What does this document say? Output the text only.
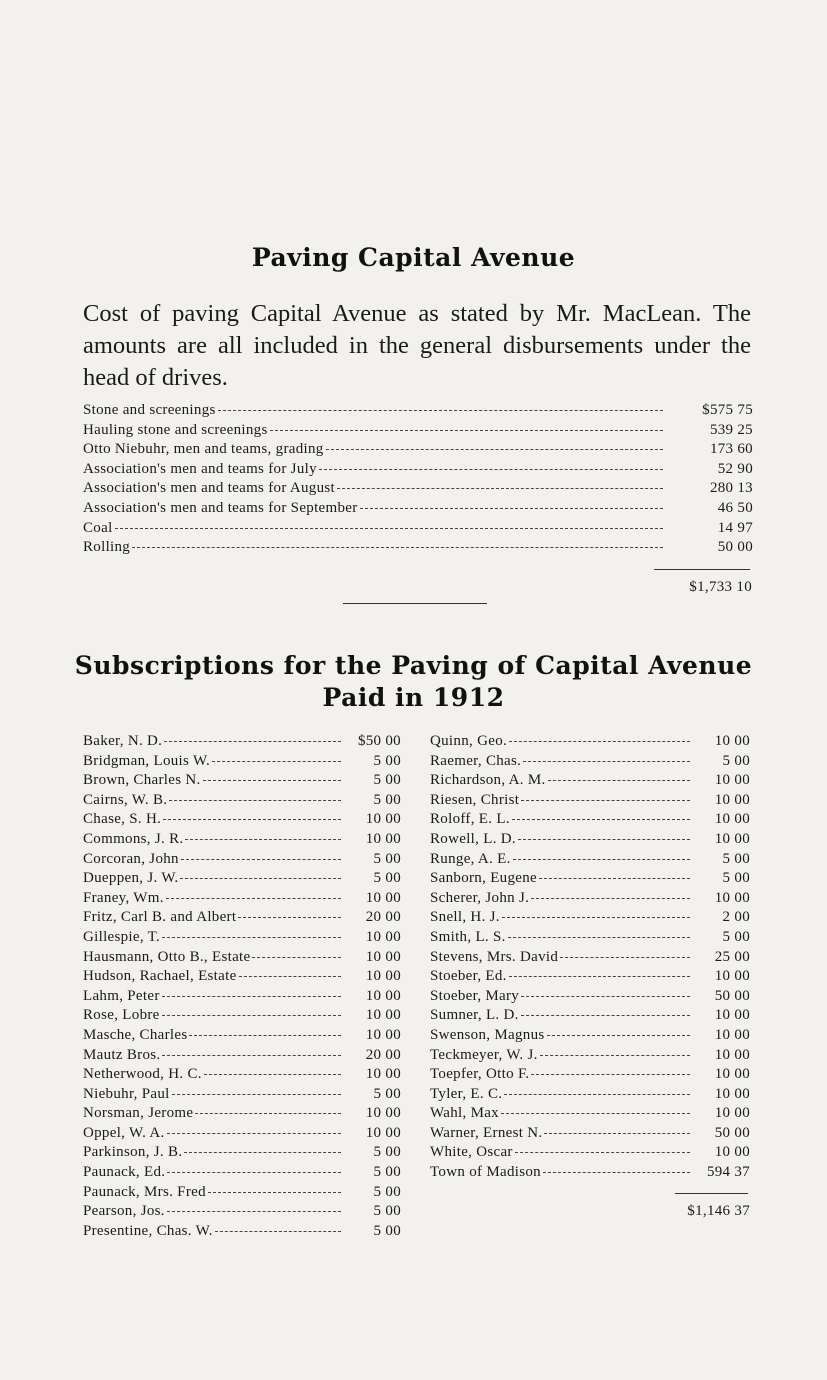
Paving Capital Avenue
Cost of paving Capital Avenue as stated by Mr. MacLean. The amounts are all included in the general disbursements under the head of drives.
Stone and screenings	$575 75
Hauling stone and screenings	539 25
Otto Niebuhr, men and teams, grading	173 60
Association's men and teams for July	52 90
Association's men and teams for August	280 13
Association's men and teams for September	46 50
Coal	14 97
Rolling	50 00
$1,733 10
Subscriptions for the Paving of Capital Avenue
Paid in 1912
Baker, N. D.	$50 00
Bridgman, Louis W.	5 00
Brown, Charles N.	5 00
Cairns, W. B.	5 00
Chase, S. H.	10 00
Commons, J. R.	10 00
Corcoran, John	5 00
Dueppen, J. W.	5 00
Franey, Wm.	10 00
Fritz, Carl B. and Albert	20 00
Gillespie, T.	10 00
Hausmann, Otto B., Estate	10 00
Hudson, Rachael, Estate	10 00
Lahm, Peter	10 00
Rose, Lobre	10 00
Masche, Charles	10 00
Mautz Bros.	20 00
Netherwood, H. C.	10 00
Niebuhr, Paul	5 00
Norsman, Jerome	10 00
Oppel, W. A.	10 00
Parkinson, J. B.	5 00
Paunack, Ed.	5 00
Paunack, Mrs. Fred	5 00
Pearson, Jos.	5 00
Presentine, Chas. W.	5 00
Quinn, Geo.	10 00
Raemer, Chas.	5 00
Richardson, A. M.	10 00
Riesen, Christ	10 00
Roloff, E. L.	10 00
Rowell, L. D.	10 00
Runge, A. E.	5 00
Sanborn, Eugene	5 00
Scherer, John J.	10 00
Snell, H. J.	2 00
Smith, L. S.	5 00
Stevens, Mrs. David	25 00
Stoeber, Ed.	10 00
Stoeber, Mary	50 00
Sumner, L. D.	10 00
Swenson, Magnus	10 00
Teckmeyer, W. J.	10 00
Toepfer, Otto F.	10 00
Tyler, E. C.	10 00
Wahl, Max	10 00
Warner, Ernest N.	50 00
White, Oscar	10 00
Town of Madison	594 37
$1,146 37
